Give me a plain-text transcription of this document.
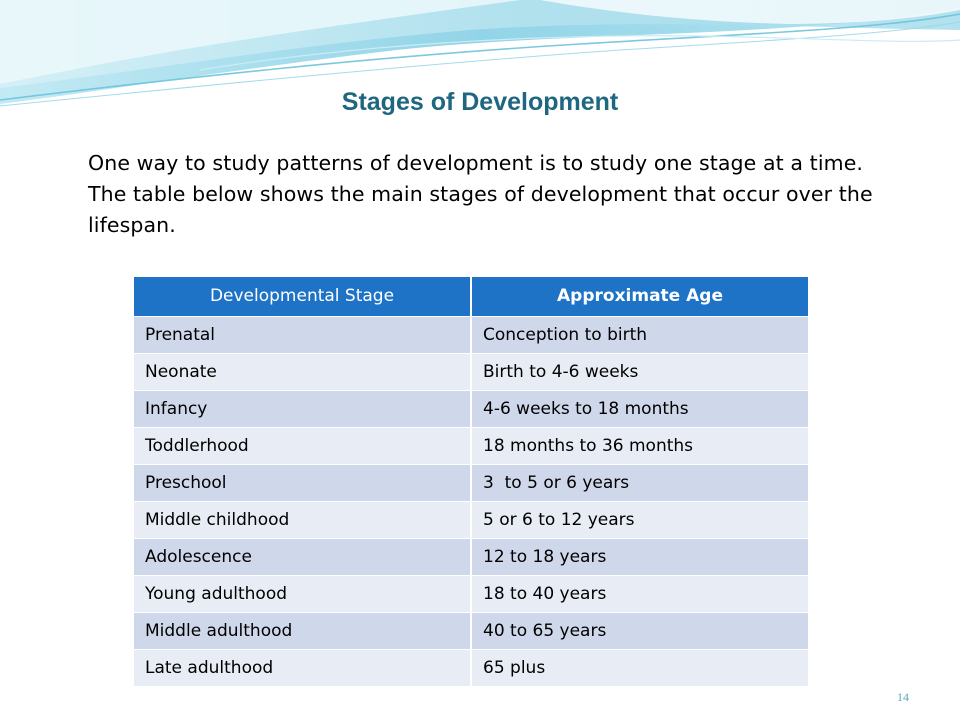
Stages of Development

One way to study patterns of development is to study one stage at a time. The table below shows the main stages of development that occur over the lifespan.

Developmental Stage	Approximate Age
Prenatal	Conception to birth
Neonate	Birth to 4-6 weeks
Infancy	4-6 weeks to 18 months
Toddlerhood	18 months to 36 months
Preschool	3  to 5 or 6 years
Middle childhood	5 or 6 to 12 years
Adolescence	12 to 18 years
Young adulthood	18 to 40 years
Middle adulthood	40 to 65 years
Late adulthood	65 plus
14
